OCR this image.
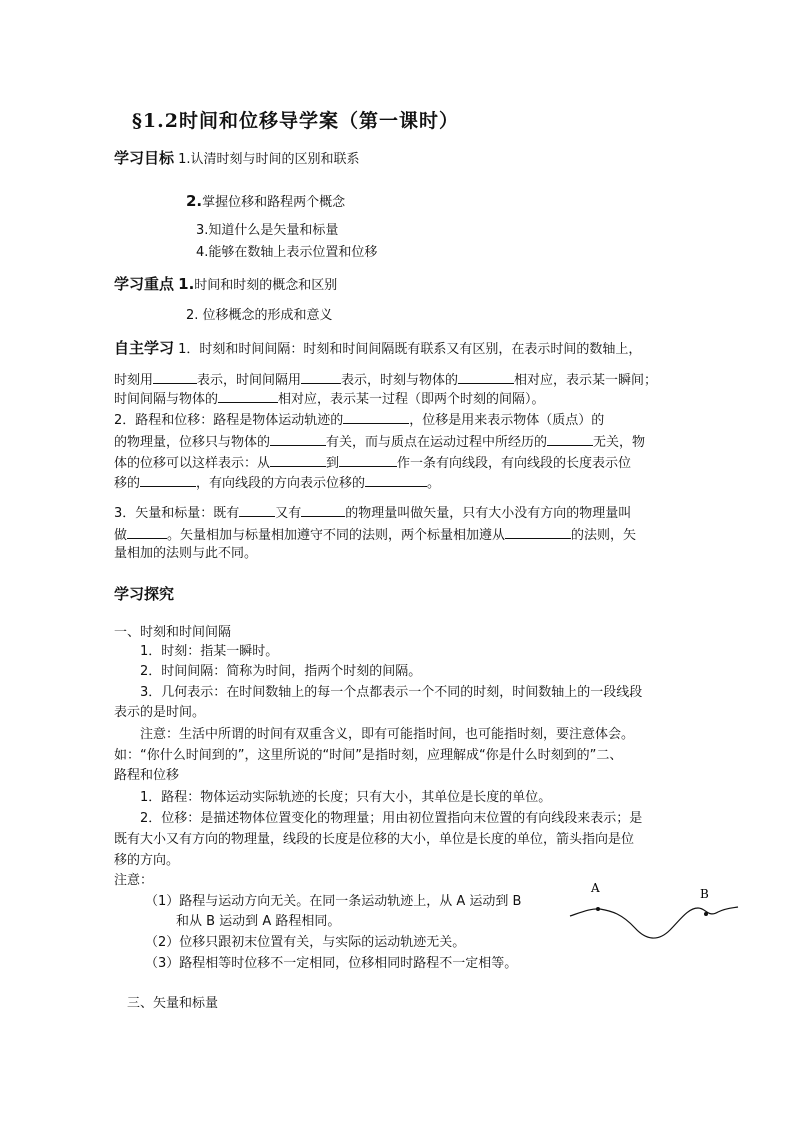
§1.2时间和位移导学案（第一课时）
学习目标 1.认清时刻与时间的区别和联系
2.掌握位移和路程两个概念
3.知道什么是矢量和标量
4.能够在数轴上表示位置和位移
学习重点 1.时间和时刻的概念和区别
2. 位移概念的形成和意义
自主学习 1．时刻和时间间隔：时刻和时间间隔既有联系又有区别，在表示时间的数轴上，
时刻用	表示，时间间隔用	表示，时刻与物体的	相对应，表示某一瞬间；
时间间隔与物体的	相对应，表示某一过程（即两个时刻的间隔）。
2．路程和位移：路程是物体运动轨迹的	，位移是用来表示物体（质点）的
的物理量，位移只与物体的	有关，而与质点在运动过程中所经历的	无关，物
体的位移可以这样表示：从	到	作一条有向线段，有向线段的长度表示位
移的	，有向线段的方向表示位移的	。
3．矢量和标量：既有	又有	的物理量叫做矢量，只有大小没有方向的物理量叫
做	。矢量相加与标量相加遵守不同的法则，两个标量相加遵从	的法则，矢
量相加的法则与此不同。
学习探究
一、时刻和时间间隔
1．时刻：指某一瞬时。
2．时间间隔：简称为时间，指两个时刻的间隔。
3．几何表示：在时间数轴上的每一个点都表示一个不同的时刻，时间数轴上的一段线段
表示的是时间。
注意：生活中所谓的时间有双重含义，即有可能指时间，也可能指时刻，要注意体会。
如：“你什么时间到的”，这里所说的“时间”是指时刻，应理解成“你是什么时刻到的”二、
路程和位移
1．路程：物体运动实际轨迹的长度；只有大小，其单位是长度的单位。
2．位移：是描述物体位置变化的物理量；用由初位置指向末位置的有向线段来表示；是
既有大小又有方向的物理量，线段的长度是位移的大小，单位是长度的单位，箭头指向是位
移的方向。
注意：
（1）路程与运动方向无关。在同一条运动轨迹上，从 A 运动到 B
和从 B 运动到 A 路程相同。
（2）位移只跟初末位置有关，与实际的运动轨迹无关。
（3）路程相等时位移不一定相同，位移相同时路程不一定相等。
三、矢量和标量
A	B
